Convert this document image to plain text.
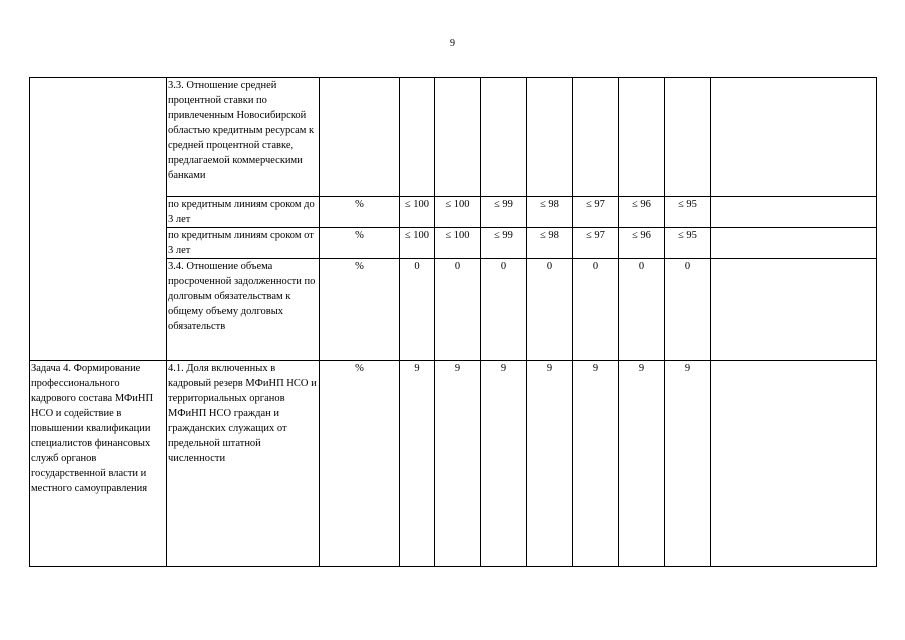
9
	3.3. Отношение средней процентной ставки по привлеченным Новосибирской областью кредитным ресурсам к средней процентной ставке, предлагаемой коммерческими банками									
	по кредитным линиям сроком до 3 лет	%	≤ 100	≤ 100	≤ 99	≤ 98	≤ 97	≤ 96	≤ 95	
	по кредитным линиям сроком от 3 лет	%	≤ 100	≤ 100	≤ 99	≤ 98	≤ 97	≤ 96	≤ 95	
	3.4. Отношение объема просроченной задолженности по долговым обязательствам к общему объему долговых обязательств	%	0	0	0	0	0	0	0	
Задача 4. Формирование профессионального кадрового состава МФиНП НСО и содействие в повышении квалификации специалистов финансовых служб органов государственной власти и местного самоуправления	4.1. Доля включенных в кадровый резерв МФиНП НСО и территориальных органов МФиНП НСО граждан и гражданских служащих от предельной штатной численности	%	9	9	9	9	9	9	9	
